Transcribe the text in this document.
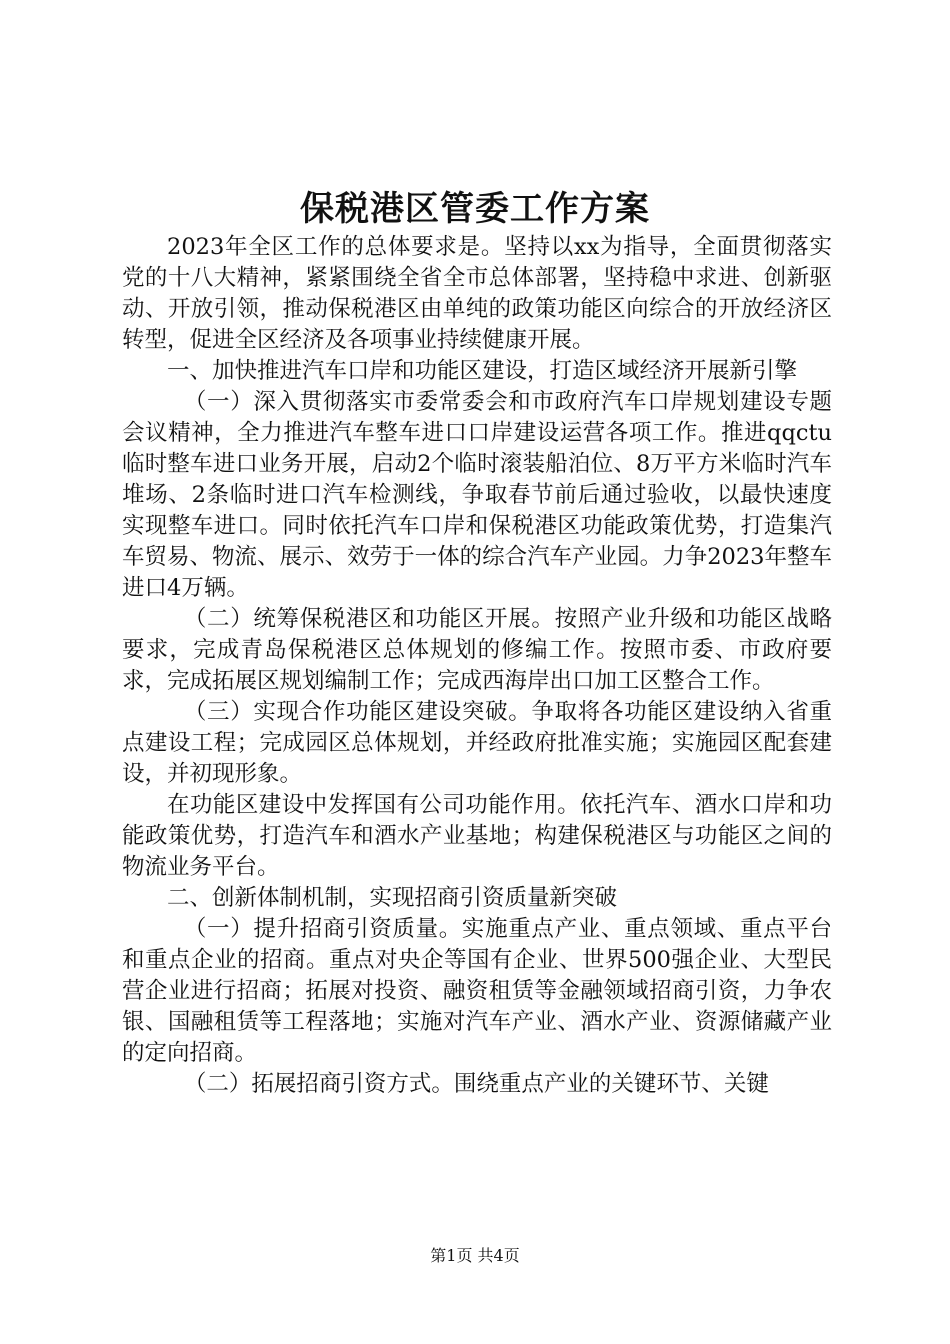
保税港区管委工作方案

2023年全区工作的总体要求是。坚持以xx为指导，全面贯彻落实党的十八大精神，紧紧围绕全省全市总体部署，坚持稳中求进、创新驱动、开放引领，推动保税港区由单纯的政策功能区向综合的开放经济区转型，促进全区经济及各项事业持续健康开展。

一、加快推进汽车口岸和功能区建设，打造区域经济开展新引擎

（一）深入贯彻落实市委常委会和市政府汽车口岸规划建设专题会议精神，全力推进汽车整车进口口岸建设运营各项工作。推进qqctu临时整车进口业务开展，启动2个临时滚装船泊位、8万平方米临时汽车堆场、2条临时进口汽车检测线，争取春节前后通过验收，以最快速度实现整车进口。同时依托汽车口岸和保税港区功能政策优势，打造集汽车贸易、物流、展示、效劳于一体的综合汽车产业园。力争2023年整车进口4万辆。

（二）统筹保税港区和功能区开展。按照产业升级和功能区战略要求，完成青岛保税港区总体规划的修编工作。按照市委、市政府要求，完成拓展区规划编制工作；完成西海岸出口加工区整合工作。

（三）实现合作功能区建设突破。争取将各功能区建设纳入省重点建设工程；完成园区总体规划，并经政府批准实施；实施园区配套建设，并初现形象。

在功能区建设中发挥国有公司功能作用。依托汽车、酒水口岸和功能政策优势，打造汽车和酒水产业基地；构建保税港区与功能区之间的物流业务平台。

二、创新体制机制，实现招商引资质量新突破

（一）提升招商引资质量。实施重点产业、重点领域、重点平台和重点企业的招商。重点对央企等国有企业、世界500强企业、大型民营企业进行招商；拓展对投资、融资租赁等金融领域招商引资，力争农银、国融租赁等工程落地；实施对汽车产业、酒水产业、资源储藏产业的定向招商。

（二）拓展招商引资方式。围绕重点产业的关键环节、关键

第1页 共4页
